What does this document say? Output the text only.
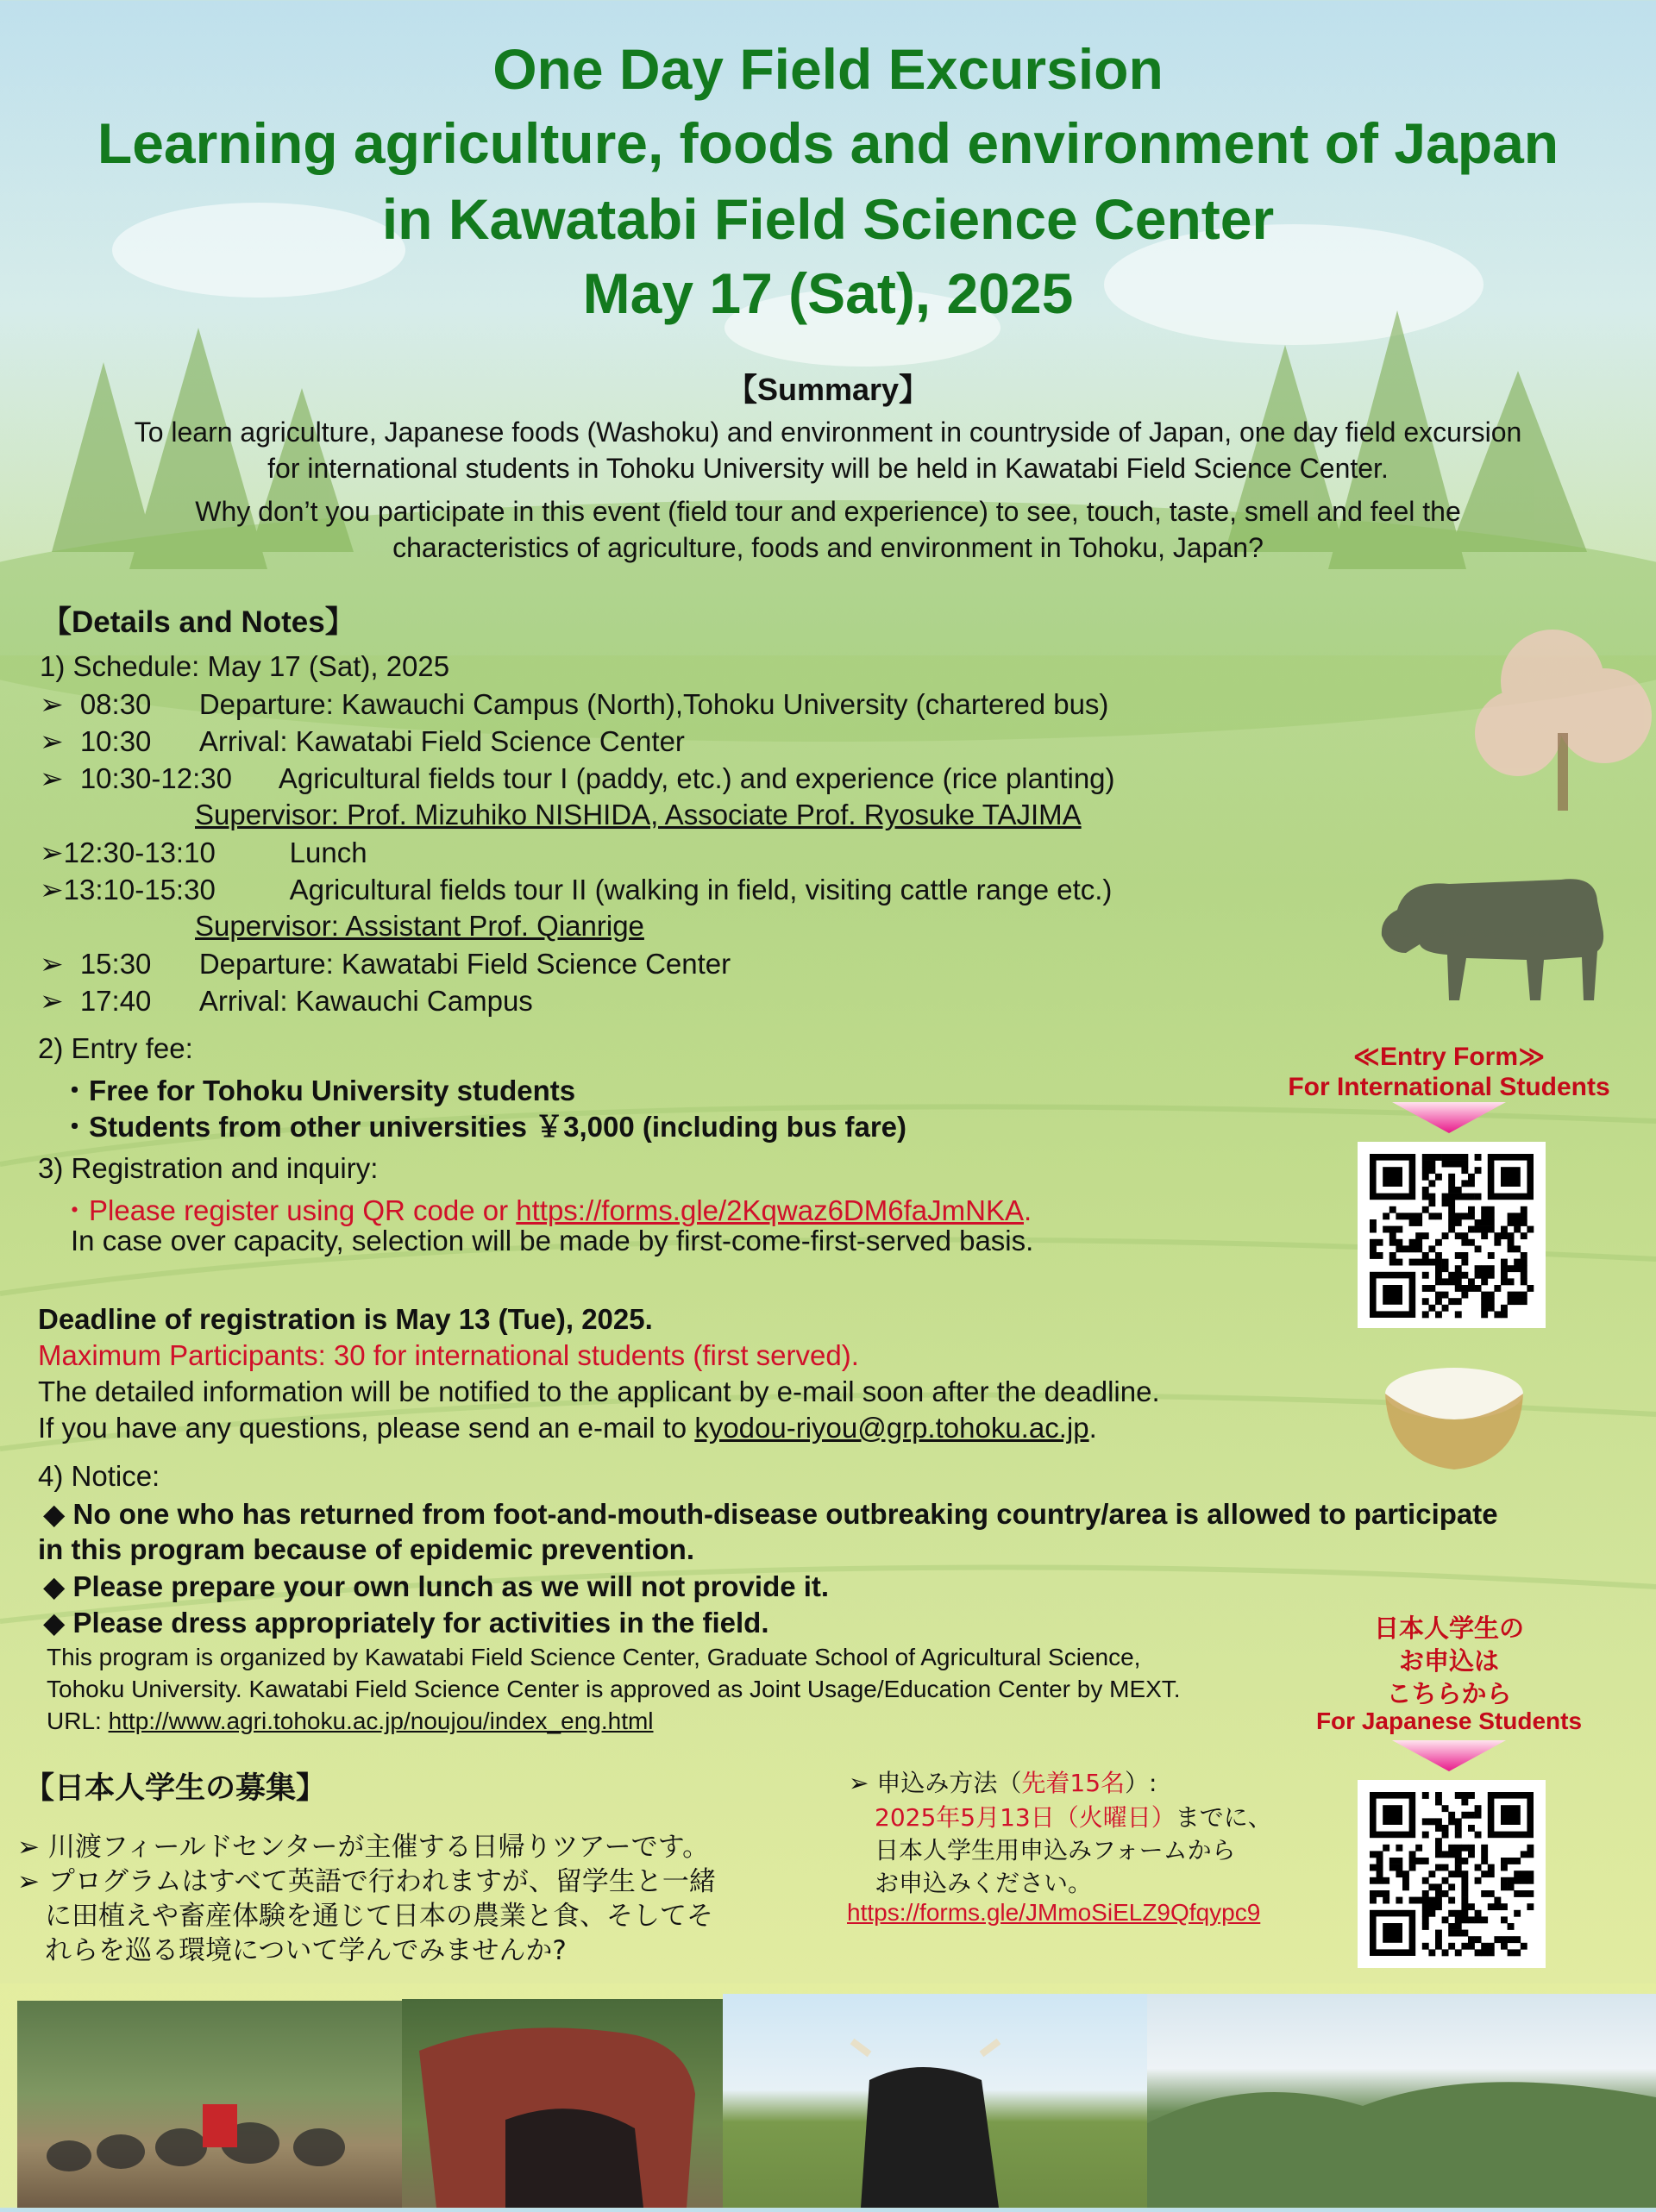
One Day Field Excursion
Learning agriculture, foods and environment of Japan
in Kawatabi Field Science Center
May 17 (Sat), 2025
【Summary】
To learn agriculture, Japanese foods (Washoku) and environment in countryside of Japan, one day field excursion
for international students in Tohoku University will be held in Kawatabi Field Science Center.
Why don’t you participate in this event (field tour and experience) to see, touch, taste, smell and feel the
characteristics of agriculture, foods and environment in Tohoku, Japan?
【Details and Notes】
1) Schedule: May 17 (Sat), 2025
➢ 08:30 Departure: Kawauchi Campus (North),Tohoku University (chartered bus)
➢ 10:30 Arrival: Kawatabi Field Science Center
➢ 10:30-12:30 Agricultural fields tour I (paddy, etc.) and experience (rice planting)
Supervisor: Prof. Mizuhiko NISHIDA, Associate Prof. Ryosuke TAJIMA
➢12:30-13:10	Lunch
➢13:10-15:30	Agricultural fields tour II (walking in field, visiting cattle range etc.)
Supervisor: Assistant Prof. Qianrige
➢ 15:30 Departure: Kawatabi Field Science Center
➢ 17:40 Arrival: Kawauchi Campus
2) Entry fee:
・Free for Tohoku University students
・Students from other universities ￥3,000 (including bus fare)
3) Registration and inquiry:
・Please register using QR code or https://forms.gle/2Kqwaz6DM6faJmNKA.
In case over capacity, selection will be made by first-come-first-served basis.
Deadline of registration is May 13 (Tue), 2025.
Maximum Participants: 30 for international students (first served).
The detailed information will be notified to the applicant by e-mail soon after the deadline.
If you have any questions, please send an e-mail to kyodou-riyou@grp.tohoku.ac.jp.
4) Notice:
◆ No one who has returned from foot-and-mouth-disease outbreaking country/area is allowed to participate
in this program because of epidemic prevention.
◆ Please prepare your own lunch as we will not provide it.
◆ Please dress appropriately for activities in the field.
This program is organized by Kawatabi Field Science Center, Graduate School of Agricultural Science,
Tohoku University. Kawatabi Field Science Center is approved as Joint Usage/Education Center by MEXT.
URL: http://www.agri.tohoku.ac.jp/noujou/index_eng.html
≪Entry Form≫
For International Students
日本人学生の
お申込は
こちらから
For Japanese Students
【日本人学生の募集】
➢ 川渡フィールドセンターが主催する日帰りツアーです。
➢ プログラムはすべて英語で行われますが、留学生と一緒
に田植えや畜産体験を通じて日本の農業と食、そしてそ
れらを巡る環境について学んでみませんか?
➢ 申込み方法（先着15名）:
2025年5月13日（火曜日）までに、
日本人学生用申込みフォームから
お申込みください。
https://forms.gle/JMmoSiELZ9Qfqypc9
